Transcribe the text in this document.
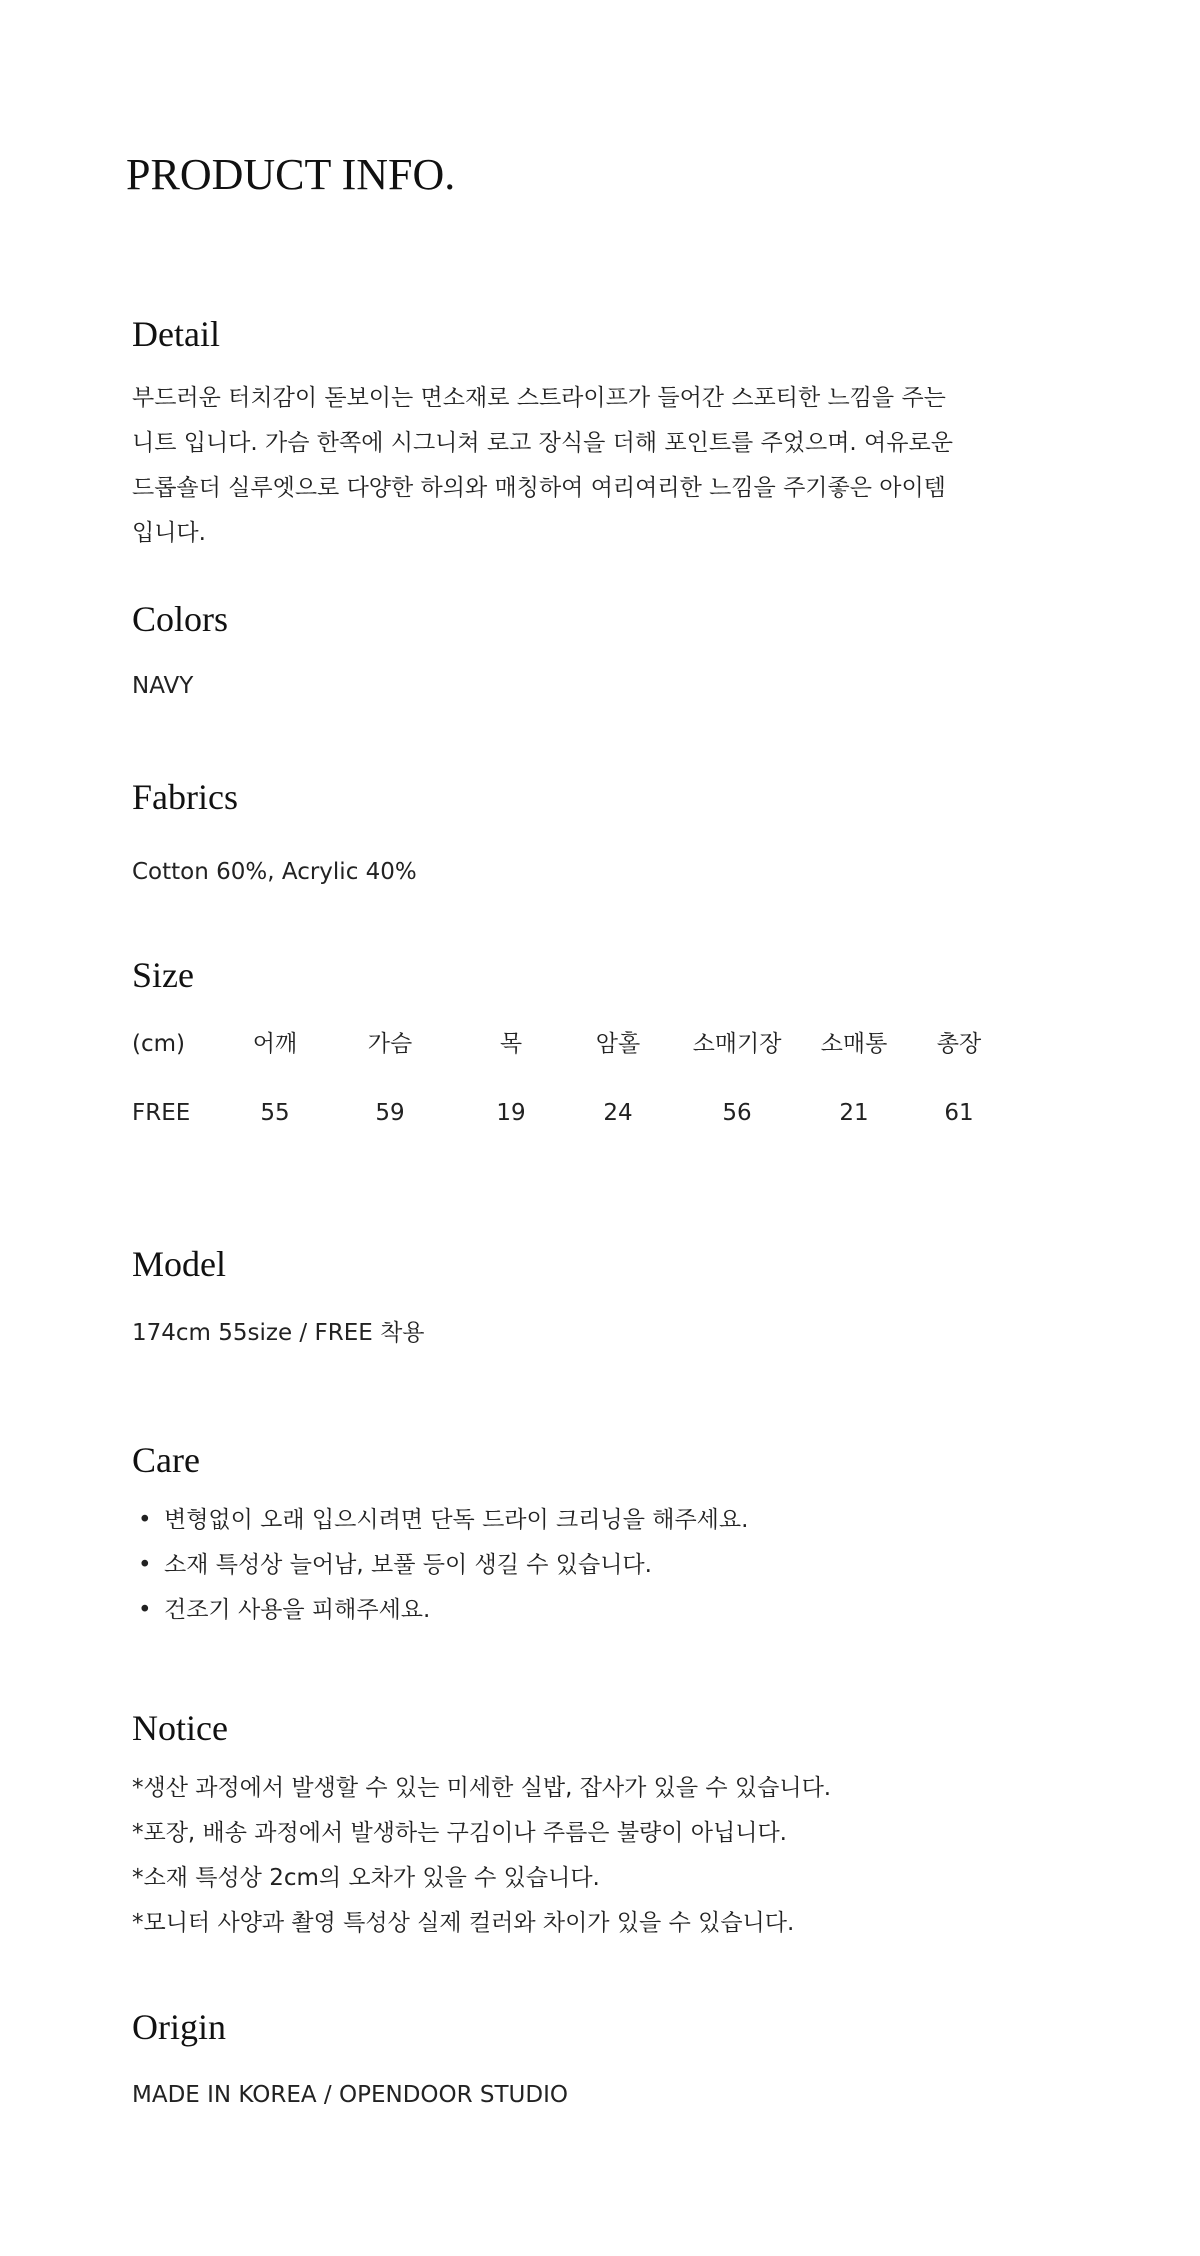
PRODUCT INFO.
Detail
부드러운 터치감이 돋보이는 면소재로 스트라이프가 들어간 스포티한 느낌을 주는
니트 입니다. 가슴 한쪽에 시그니쳐 로고 장식을 더해 포인트를 주었으며. 여유로운
드롭숄더 실루엣으로 다양한 하의와 매칭하여 여리여리한 느낌을 주기좋은 아이템
입니다.
Colors
NAVY
Fabrics
Cotton 60%, Acrylic 40%
Size
(cm)	어깨	가슴	목	암홀 소매기장 소매통 총장
FREE	55	59	19	24	56	21	61
Model
174cm 55size / FREE 착용
Care
• 변형없이 오래 입으시려면 단독 드라이 크리닝을 해주세요.
• 소재 특성상 늘어남, 보풀 등이 생길 수 있습니다.
• 건조기 사용을 피해주세요.
Notice
*생산 과정에서 발생할 수 있는 미세한 실밥, 잡사가 있을 수 있습니다.
*포장, 배송 과정에서 발생하는 구김이나 주름은 불량이 아닙니다.
*소재 특성상 2cm의 오차가 있을 수 있습니다.
*모니터 사양과 촬영 특성상 실제 컬러와 차이가 있을 수 있습니다.
Origin
MADE IN KOREA / OPENDOOR STUDIO
